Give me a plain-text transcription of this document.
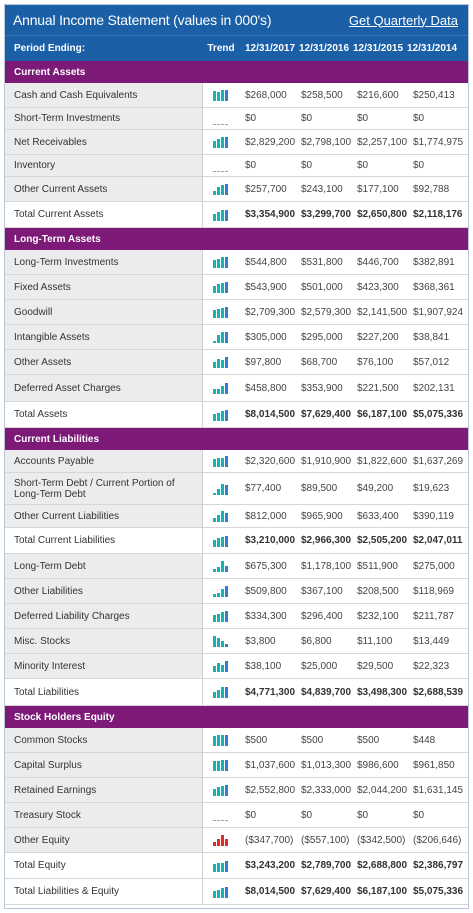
Annual Income Statement (values in 000's)	Get Quarterly Data
Period Ending:	Trend	12/31/2017 12/31/2016 12/31/2015 12/31/2014
Current Assets
Cash and Cash Equivalents	$268,000	$258,500	$216,600	$250,413
Short-Term Investments	$0	$0	$0	$0
Net Receivables	$2,829,200 $2,798,100 $2,257,100 $1,774,975
Inventory	$0	$0	$0	$0
Other Current Assets	$257,700	$243,100	$177,100	$92,788
Total Current Assets	$3,354,900 $3,299,700 $2,650,800 $2,118,176
Long-Term Assets
Long-Term Investments	$544,800	$531,800	$446,700	$382,891
Fixed Assets	$543,900	$501,000	$423,300	$368,361
Goodwill	$2,709,300 $2,579,300 $2,141,500 $1,907,924
Intangible Assets	$305,000	$295,000	$227,200	$38,841
Other Assets	$97,800	$68,700	$76,100	$57,012
Deferred Asset Charges	$458,800	$353,900	$221,500	$202,131
Total Assets	$8,014,500 $7,629,400 $6,187,100 $5,075,336
Current Liabilities
Accounts Payable	$2,320,600 $1,910,900 $1,822,600 $1,637,269
Short-Term Debt / Current Portion of Long-Term Debt	$77,400	$89,500	$49,200	$19,623
Other Current Liabilities	$812,000	$965,900	$633,400	$390,119
Total Current Liabilities	$3,210,000 $2,966,300 $2,505,200 $2,047,011
Long-Term Debt	$675,300	$1,178,100 $511,900	$275,000
Other Liabilities	$509,800	$367,100	$208,500	$118,969
Deferred Liability Charges	$334,300	$296,400	$232,100	$211,787
Misc. Stocks	$3,800	$6,800	$11,100	$13,449
Minority Interest	$38,100	$25,000	$29,500	$22,323
Total Liabilities	$4,771,300 $4,839,700 $3,498,300 $2,688,539
Stock Holders Equity
Common Stocks	$500	$500	$500	$448
Capital Surplus	$1,037,600 $1,013,300 $986,600	$961,850
Retained Earnings	$2,552,800 $2,333,000 $2,044,200 $1,631,145
Treasury Stock	$0	$0	$0	$0
Other Equity	($347,700) ($557,100) ($342,500) ($206,646)
Total Equity	$3,243,200 $2,789,700 $2,688,800 $2,386,797
Total Liabilities & Equity	$8,014,500 $7,629,400 $6,187,100 $5,075,336
